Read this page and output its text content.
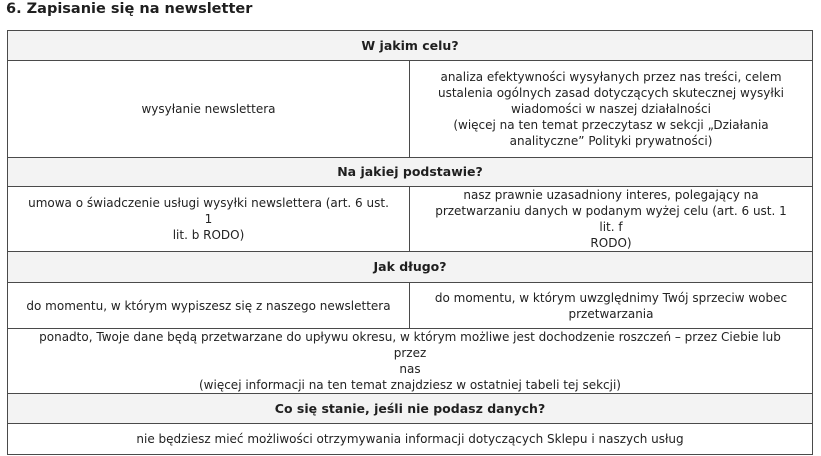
6. Zapisanie się na newsletter
W jakim celu?	
wysyłanie newslettera	analiza efektywności wysyłanych przez nas treści, celem
ustalenia ogólnych zasad dotyczących skutecznej wysyłki
wiadomości w naszej działalności
(więcej na ten temat przeczytasz w sekcji „Działania
analityczne” Polityki prywatności)
Na jakiej podstawie?	
umowa o świadczenie usługi wysyłki newslettera (art. 6 ust. 1
lit. b RODO)	nasz prawnie uzasadniony interes, polegający na
przetwarzaniu danych w podanym wyżej celu (art. 6 ust. 1 lit. f
RODO)
Jak długo?	
do momentu, w którym wypiszesz się z naszego newslettera	do momentu, w którym uwzględnimy Twój sprzeciw wobec
przetwarzania
ponadto, Twoje dane będą przetwarzane do upływu okresu, w którym możliwe jest dochodzenie roszczeń – przez Ciebie lub przez
nas
(więcej informacji na ten temat znajdziesz w ostatniej tabeli tej sekcji)	
Co się stanie, jeśli nie podasz danych?	
nie będziesz mieć możliwości otrzymywania informacji dotyczących Sklepu i naszych usług	
